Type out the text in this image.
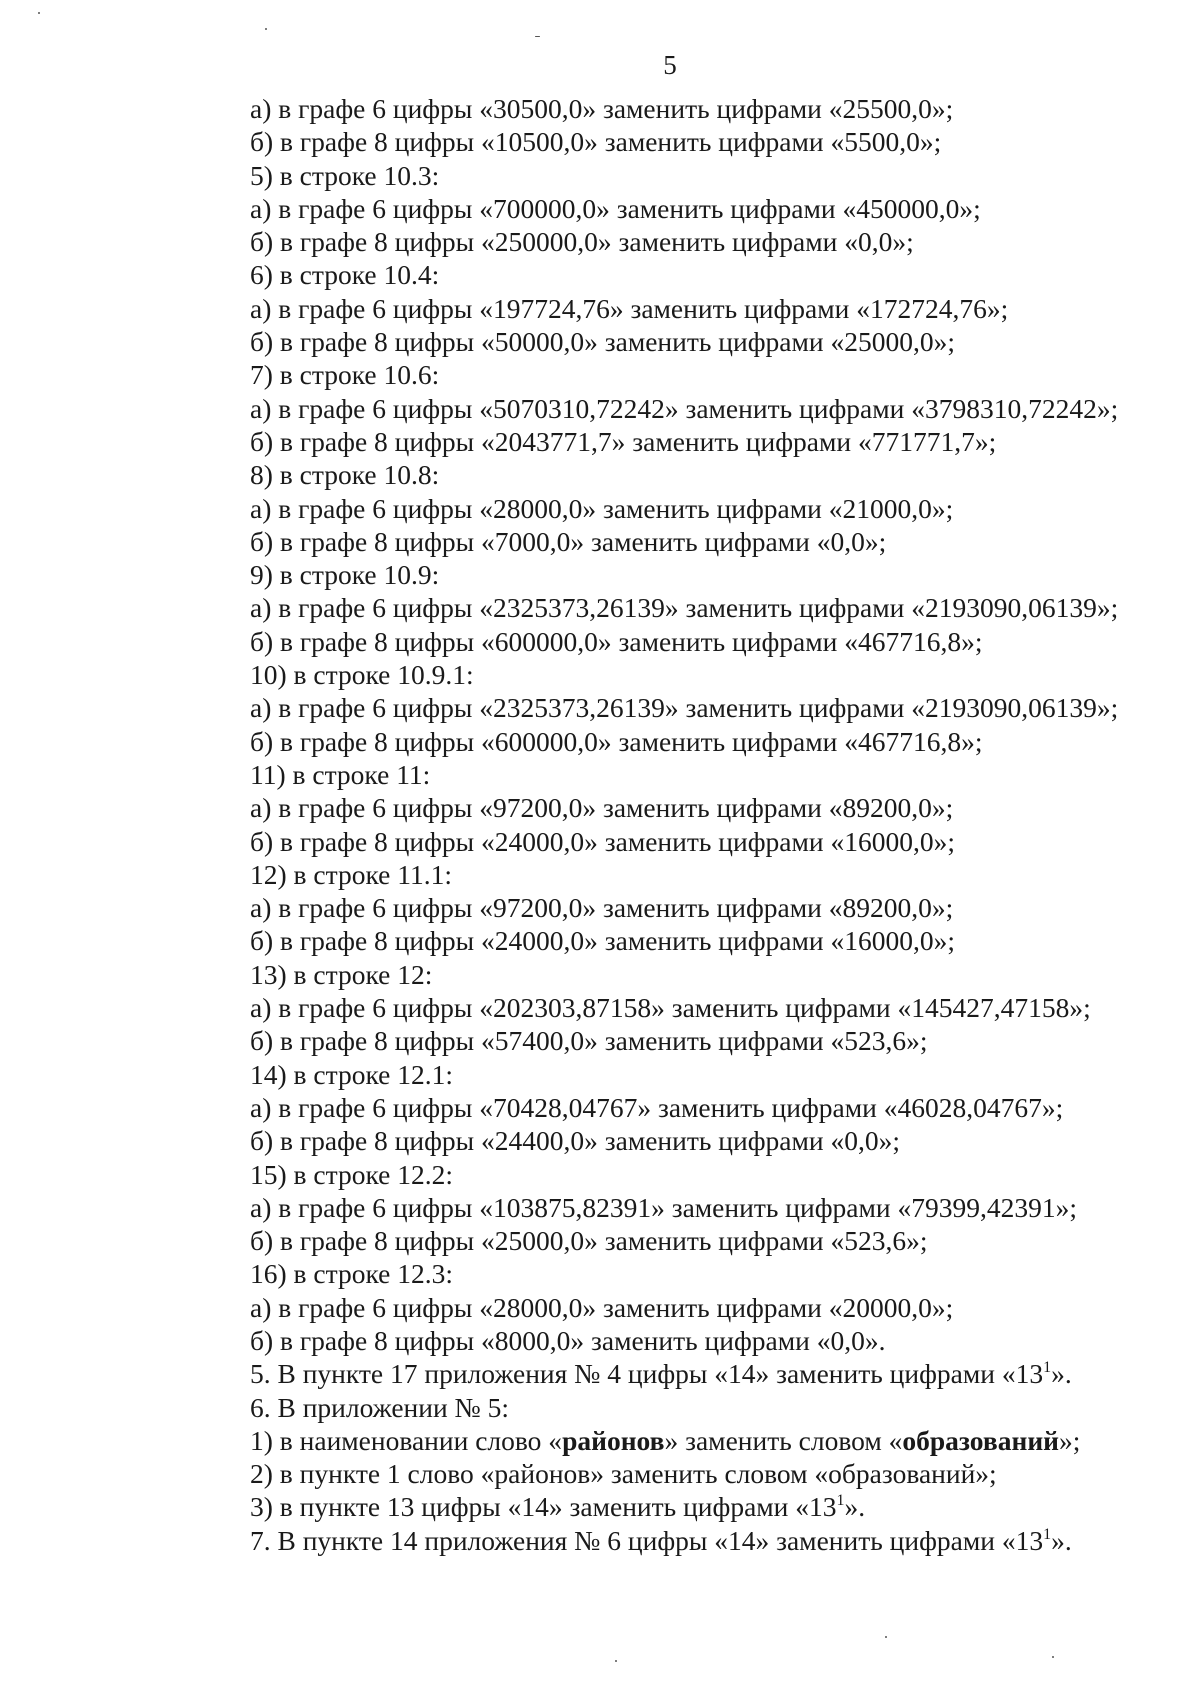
5
а) в графе 6 цифры «30500,0» заменить цифрами «25500,0»;
б) в графе 8 цифры «10500,0» заменить цифрами «5500,0»;
5) в строке 10.3:
а) в графе 6 цифры «700000,0» заменить цифрами «450000,0»;
б) в графе 8 цифры «250000,0» заменить цифрами «0,0»;
6) в строке 10.4:
а) в графе 6 цифры «197724,76» заменить цифрами «172724,76»;
б) в графе 8 цифры «50000,0» заменить цифрами «25000,0»;
7) в строке 10.6:
а) в графе 6 цифры «5070310,72242» заменить цифрами «3798310,72242»;
б) в графе 8 цифры «2043771,7» заменить цифрами «771771,7»;
8) в строке 10.8:
а) в графе 6 цифры «28000,0» заменить цифрами «21000,0»;
б) в графе 8 цифры «7000,0» заменить цифрами «0,0»;
9) в строке 10.9:
а) в графе 6 цифры «2325373,26139» заменить цифрами «2193090,06139»;
б) в графе 8 цифры «600000,0» заменить цифрами «467716,8»;
10) в строке 10.9.1:
а) в графе 6 цифры «2325373,26139» заменить цифрами «2193090,06139»;
б) в графе 8 цифры «600000,0» заменить цифрами «467716,8»;
11) в строке 11:
а) в графе 6 цифры «97200,0» заменить цифрами «89200,0»;
б) в графе 8 цифры «24000,0» заменить цифрами «16000,0»;
12) в строке 11.1:
а) в графе 6 цифры «97200,0» заменить цифрами «89200,0»;
б) в графе 8 цифры «24000,0» заменить цифрами «16000,0»;
13) в строке 12:
а) в графе 6 цифры «202303,87158» заменить цифрами «145427,47158»;
б) в графе 8 цифры «57400,0» заменить цифрами «523,6»;
14) в строке 12.1:
а) в графе 6 цифры «70428,04767» заменить цифрами «46028,04767»;
б) в графе 8 цифры «24400,0» заменить цифрами «0,0»;
15) в строке 12.2:
а) в графе 6 цифры «103875,82391» заменить цифрами «79399,42391»;
б) в графе 8 цифры «25000,0» заменить цифрами «523,6»;
16) в строке 12.3:
а) в графе 6 цифры «28000,0» заменить цифрами «20000,0»;
б) в графе 8 цифры «8000,0» заменить цифрами «0,0».
5. В пункте 17 приложения № 4 цифры «14» заменить цифрами «$13^1$».
6. В приложении № 5:
1) в наименовании слово «районов» заменить словом «образований»;
2) в пункте 1 слово «районов» заменить словом «образований»;
3) в пункте 13 цифры «14» заменить цифрами «$13^1$».
7. В пункте 14 приложения № 6 цифры «14» заменить цифрами «$13^1$».
